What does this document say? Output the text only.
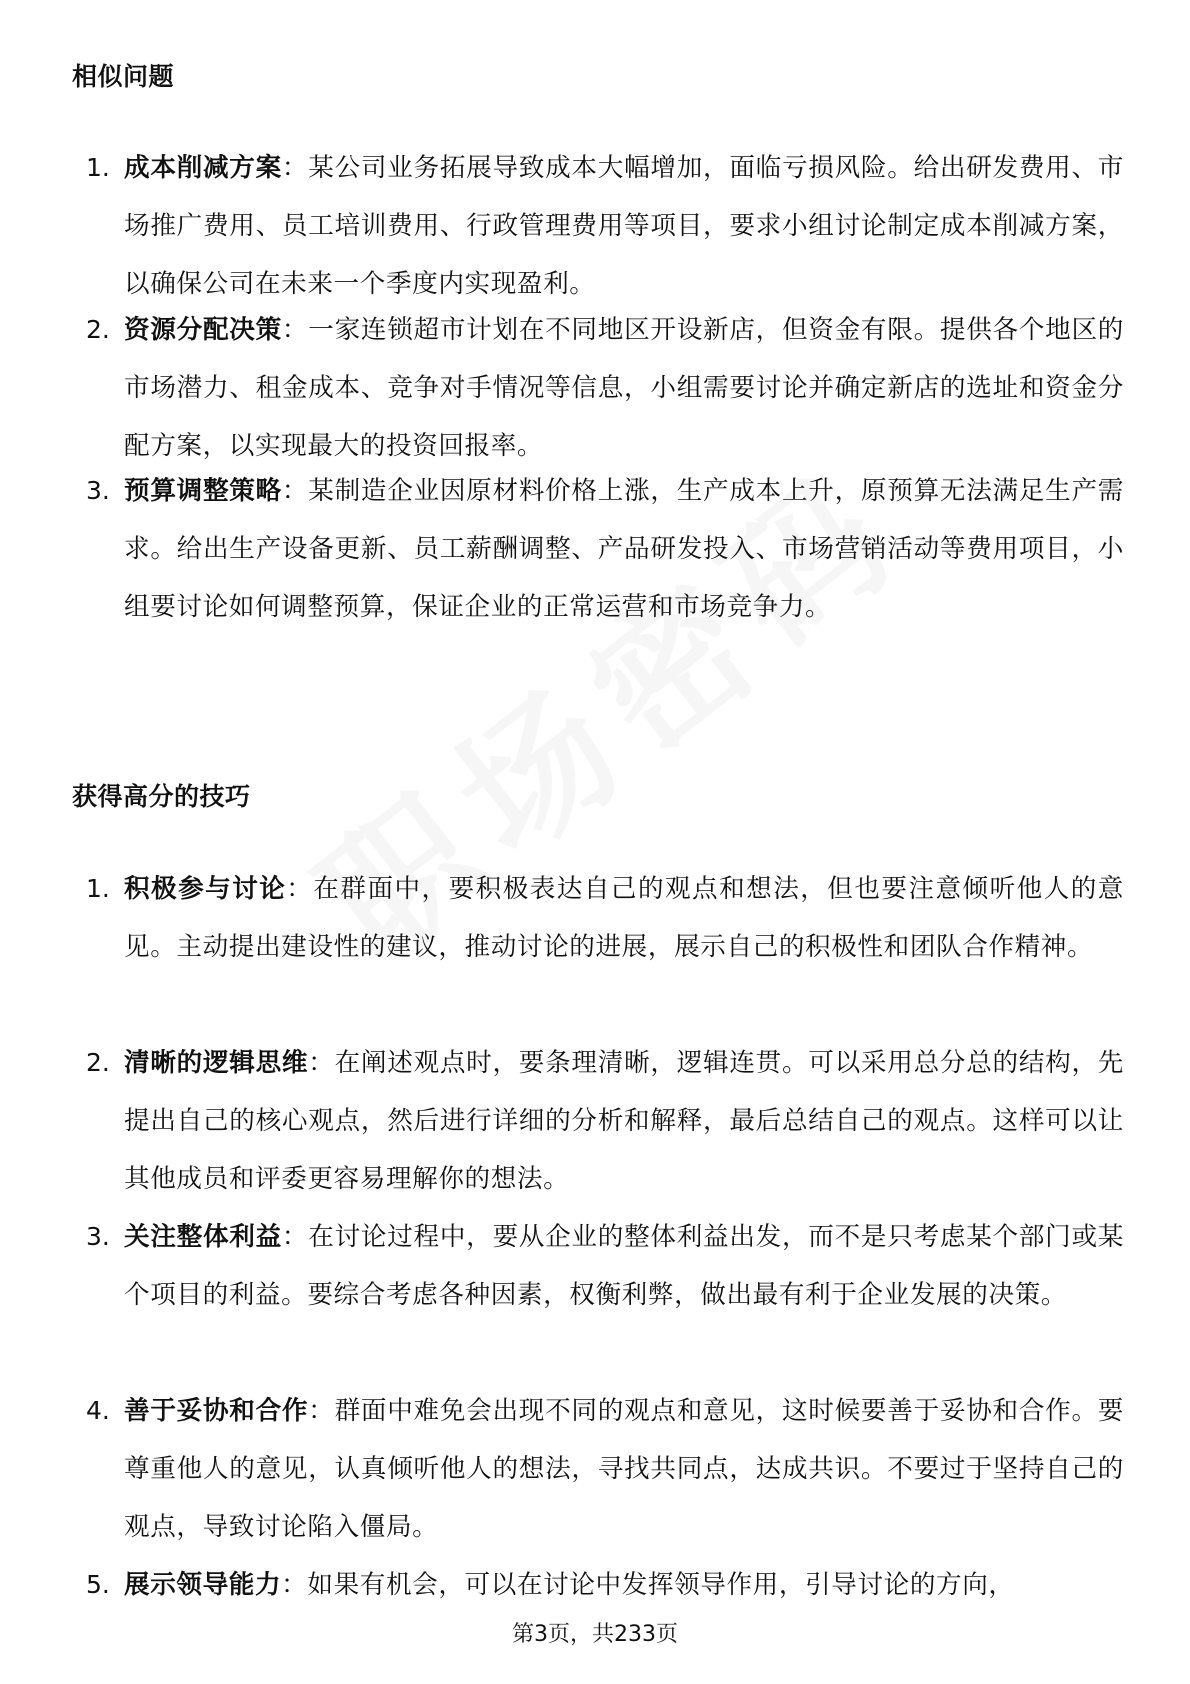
相似问题
1. 成本削减方案：某公司业务拓展导致成本大幅增加，面临亏损风险。给出研发费用、市场推广费用、员工培训费用、行政管理费用等项目，要求小组讨论制定成本削减方案，以确保公司在未来一个季度内实现盈利。
2. 资源分配决策：一家连锁超市计划在不同地区开设新店，但资金有限。提供各个地区的市场潜力、租金成本、竞争对手情况等信息，小组需要讨论并确定新店的选址和资金分配方案，以实现最大的投资回报率。
3. 预算调整策略：某制造企业因原材料价格上涨，生产成本上升，原预算无法满足生产需求。给出生产设备更新、员工薪酬调整、产品研发投入、市场营销活动等费用项目，小组要讨论如何调整预算，保证企业的正常运营和市场竞争力。
获得高分的技巧
1. 积极参与讨论：在群面中，要积极表达自己的观点和想法，但也要注意倾听他人的意见。主动提出建设性的建议，推动讨论的进展，展示自己的积极性和团队合作精神。
2. 清晰的逻辑思维：在阐述观点时，要条理清晰，逻辑连贯。可以采用总分总的结构，先提出自己的核心观点，然后进行详细的分析和解释，最后总结自己的观点。这样可以让其他成员和评委更容易理解你的想法。
3. 关注整体利益：在讨论过程中，要从企业的整体利益出发，而不是只考虑某个部门或某个项目的利益。要综合考虑各种因素，权衡利弊，做出最有利于企业发展的决策。
4. 善于妥协和合作：群面中难免会出现不同的观点和意见，这时候要善于妥协和合作。要尊重他人的意见，认真倾听他人的想法，寻找共同点，达成共识。不要过于坚持自己的观点，导致讨论陷入僵局。
5. 展示领导能力：如果有机会，可以在讨论中发挥领导作用，引导讨论的方向，
第3页，共233页
